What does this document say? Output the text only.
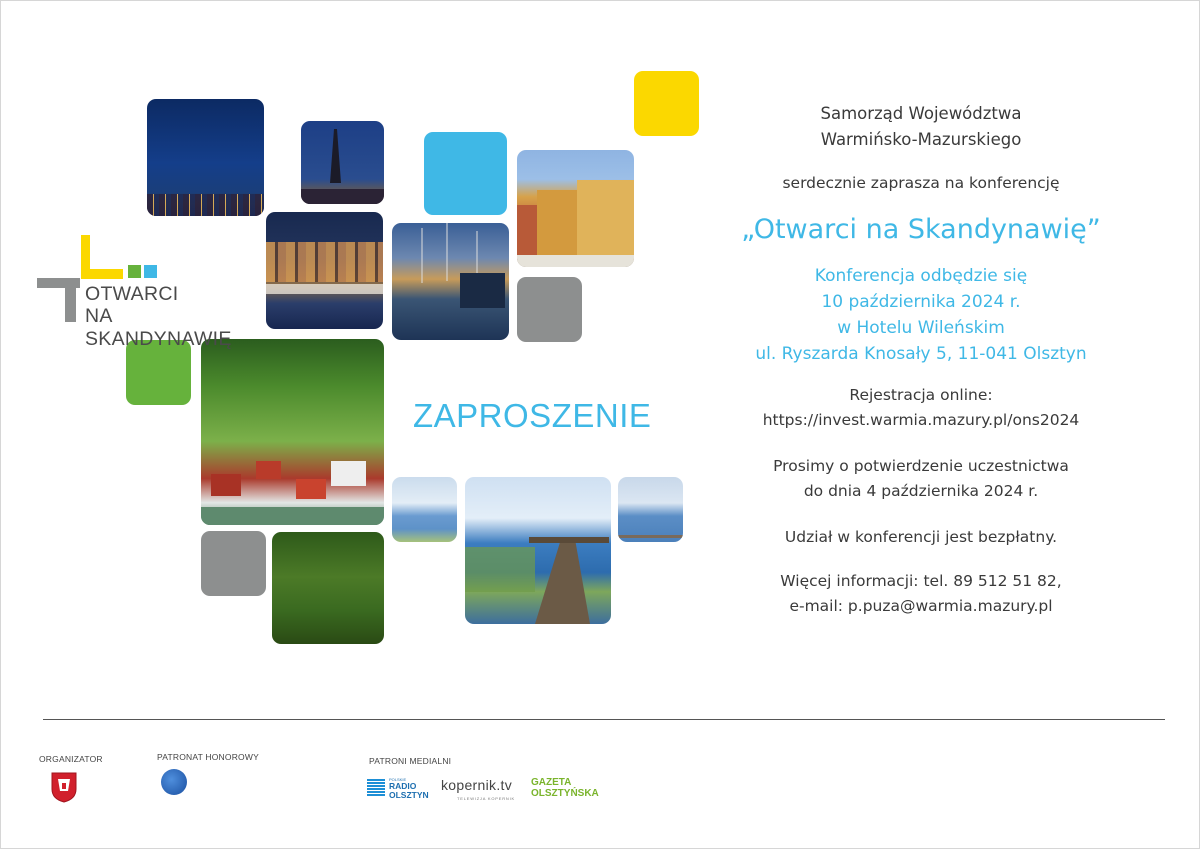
OTWARCI
NA SKANDYNAWIĘ
ZAPROSZENIE
Samorząd Województwa
Warmińsko-Mazurskiego
serdecznie zaprasza na konferencję
„Otwarci na Skandynawię”
Konferencja odbędzie się
10 października 2024 r.
w Hotelu Wileńskim
ul. Ryszarda Knosały 5, 11-041 Olsztyn
Rejestracja online:
https://invest.warmia.mazury.pl/ons2024
Prosimy o potwierdzenie uczestnictwa
do dnia 4 października 2024 r.
Udział w konferencji jest bezpłatny.
Więcej informacji: tel. 89 512 51 82,
e-mail: p.puza@warmia.mazury.pl
ORGANIZATOR	PATRONAT HONOROWY	PATRONI MEDIALNI
POLSKIE
RADIO
OLSZTYN
kopernik.tv
TELEWIZJA KOPERNIK
GAZETA
OLSZTYŃSKA
